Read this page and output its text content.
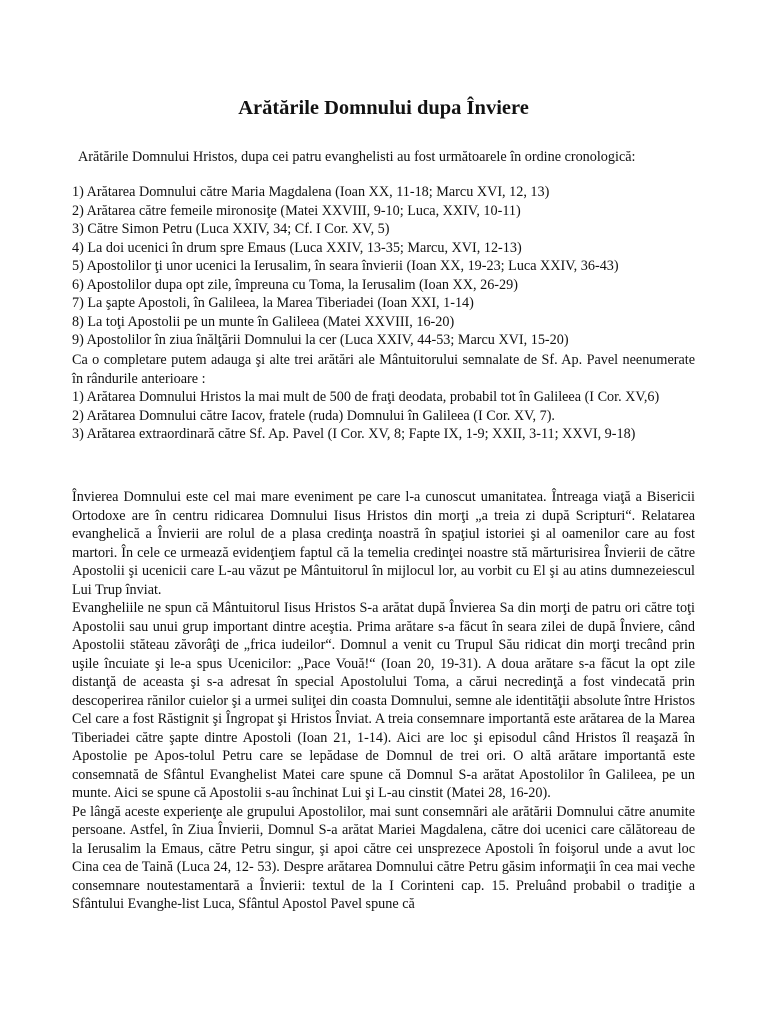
Arătările Domnului dupa Înviere
Arătările Domnului Hristos, dupa cei patru evanghelisti au fost următoarele în ordine cronologică:
1) Arătarea Domnului către Maria Magdalena (Ioan XX, 11-18; Marcu XVI, 12, 13)
2) Arătarea către femeile mironosiţe (Matei XXVIII, 9-10; Luca, XXIV, 10-11)
3) Către Simon Petru (Luca XXIV, 34; Cf. I Cor. XV, 5)
4) La doi ucenici în drum spre Emaus (Luca XXIV, 13-35; Marcu, XVI, 12-13)
5) Apostolilor ţi unor ucenici la Ierusalim, în seara învierii (Ioan XX, 19-23; Luca XXIV, 36-43)
6) Apostolilor dupa opt zile, împreuna cu Toma, la Ierusalim (Ioan XX, 26-29)
7) La şapte Apostoli, în Galileea, la Marea Tiberiadei (Ioan XXI, 1-14)
8) La toţi Apostolii pe un munte în Galileea (Matei XXVIII, 16-20)
9) Apostolilor în ziua înălţării Domnului la cer (Luca XXIV, 44-53; Marcu XVI, 15-20)

Ca o completare putem adauga şi alte trei arătări ale Mântuitorului semnalate de Sf. Ap. Pavel neenumerate în rândurile anterioare :

1) Arătarea Domnului Hristos la mai mult de 500 de fraţi deodata, probabil tot în Galileea (I Cor. XV,6)

2) Arătarea Domnului către Iacov, fratele (ruda) Domnului în Galileea (I Cor. XV, 7).

3) Arătarea extraordinară către Sf. Ap. Pavel (I Cor. XV, 8; Fapte IX, 1-9; XXII, 3-11; XXVI, 9-18)

Învierea Domnului este cel mai mare eveniment pe care l-a cunoscut umanitatea. Întreaga viaţă a Bisericii Ortodoxe are în centru ridicarea Domnului Iisus Hristos din morţi „a treia zi după Scripturi“. Relatarea evanghelică a Învierii are rolul de a plasa credinţa noastră în spaţiul istoriei şi al oamenilor care au fost martori. În cele ce urmează evidenţiem faptul că la temelia credinţei noastre stă mărturisirea Învierii de către Apostolii şi ucenicii care L-au văzut pe Mântuitorul în mijlocul lor, au vorbit cu El şi au atins dumnezeiescul Lui Trup înviat.

Evangheliile ne spun că Mântuitorul Iisus Hristos S-a arătat după Învierea Sa din morţi de patru ori către toţi Apostolii sau unui grup important dintre aceştia. Prima arătare s-a făcut în seara zilei de după Înviere, când Apostolii stăteau zăvorâţi de „frica iudeilor“. Domnul a venit cu Trupul Său ridicat din morţi trecând prin uşile încuiate şi le-a spus Ucenicilor: „Pace Vouă!“ (Ioan 20, 19-31). A doua arătare s-a făcut la opt zile distanţă de aceasta şi s-a adresat în special Apostolului Toma, a cărui necredinţă a fost vindecată prin descoperirea rănilor cuielor şi a urmei suliţei din coasta Domnului, semne ale identităţii absolute între Hristos Cel care a fost Răstignit şi Îngropat şi Hristos Înviat. A treia consemnare importantă este arătarea de la Marea Tiberiadei către şapte dintre Apostoli (Ioan 21, 1-14). Aici are loc şi episodul când Hristos îl reaşază în Apostolie pe Apos-tolul Petru care se lepădase de Domnul de trei ori. O altă arătare importantă este consemnată de Sfântul Evanghelist Matei care spune că Domnul S-a arătat Apostolilor în Galileea, pe un munte. Aici se spune că Apostolii s-au închinat Lui şi L-au cinstit (Matei 28, 16-20).

Pe lângă aceste experienţe ale grupului Apostolilor, mai sunt consemnări ale arătării Domnului către anumite persoane. Astfel, în Ziua Învierii, Domnul S-a arătat Mariei Magdalena, către doi ucenici care călătoreau de la Ierusalim la Emaus, către Petru singur, şi apoi către cei unsprezece Apostoli în foişorul unde a avut loc Cina cea de Taină (Luca 24, 12- 53). Despre arătarea Domnului către Petru găsim informaţii în cea mai veche consemnare noutestamentară a Învierii: textul de la I Corinteni cap. 15. Preluând probabil o tradiţie a Sfântului Evanghe-list Luca, Sfântul Apostol Pavel spune că
